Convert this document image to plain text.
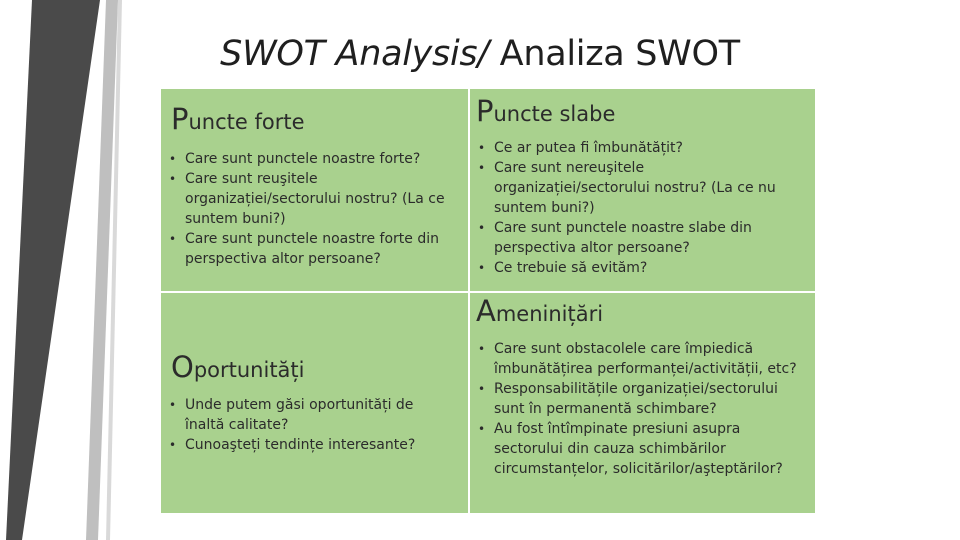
SWOT Analysis/ Analiza SWOT
Puncte forte
• Care sunt punctele noastre forte?
• Care sunt reuşitele organizației/sectorului nostru? (La ce suntem buni?)
• Care sunt punctele noastre forte din perspectiva altor persoane?
Puncte slabe
• Ce ar putea fi îmbunătățit?
• Care sunt nereuşitele organizației/sectorului nostru? (La ce nu suntem buni?)
• Care sunt punctele noastre slabe din perspectiva altor persoane?
• Ce trebuie să evităm?
Oportunități
• Unde putem găsi oportunități de înaltă calitate?
• Cunoaşteți tendințe interesante?
Ameninițări
• Care sunt obstacolele care împiedică îmbunătățirea performanței/activității, etc?
• Responsabilitățile organizației/sectorului sunt în permanentă schimbare?
• Au fost întîmpinate presiuni asupra sectorului din cauza schimbărilor circumstanțelor, solicitărilor/aşteptărilor?
